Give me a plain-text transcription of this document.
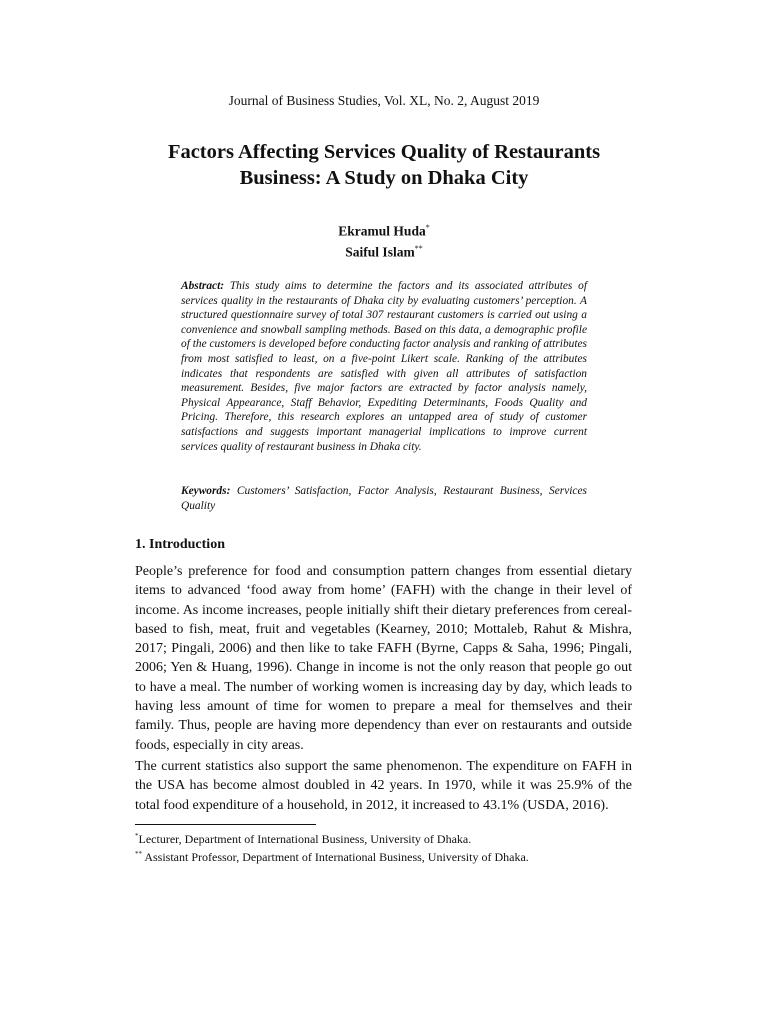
Journal of Business Studies, Vol. XL, No. 2, August 2019
Factors Affecting Services Quality of Restaurants Business: A Study on Dhaka City
Ekramul Huda*
Saiful Islam**
Abstract: This study aims to determine the factors and its associated attributes of services quality in the restaurants of Dhaka city by evaluating customers’ perception. A structured questionnaire survey of total 307 restaurant customers is carried out using a convenience and snowball sampling methods. Based on this data, a demographic profile of the customers is developed before conducting factor analysis and ranking of attributes from most satisfied to least, on a five-point Likert scale. Ranking of the attributes indicates that respondents are satisfied with given all attributes of satisfaction measurement. Besides, five major factors are extracted by factor analysis namely, Physical Appearance, Staff Behavior, Expediting Determinants, Foods Quality and Pricing. Therefore, this research explores an untapped area of study of customer satisfactions and suggests important managerial implications to improve current services quality of restaurant business in Dhaka city.
Keywords: Customers’ Satisfaction, Factor Analysis, Restaurant Business, Services Quality
1. Introduction
People’s preference for food and consumption pattern changes from essential dietary items to advanced ‘food away from home’ (FAFH) with the change in their level of income. As income increases, people initially shift their dietary preferences from cereal-based to fish, meat, fruit and vegetables (Kearney, 2010; Mottaleb, Rahut & Mishra, 2017; Pingali, 2006) and then like to take FAFH (Byrne, Capps & Saha, 1996; Pingali, 2006; Yen & Huang, 1996). Change in income is not the only reason that people go out to have a meal. The number of working women is increasing day by day, which leads to having less amount of time for women to prepare a meal for themselves and their family. Thus, people are having more dependency than ever on restaurants and outside foods, especially in city areas.
The current statistics also support the same phenomenon. The expenditure on FAFH in the USA has become almost doubled in 42 years. In 1970, while it was 25.9% of the total food expenditure of a household, in 2012, it increased to 43.1% (USDA, 2016).
*Lecturer, Department of International Business, University of Dhaka.
** Assistant Professor, Department of International Business, University of Dhaka.
